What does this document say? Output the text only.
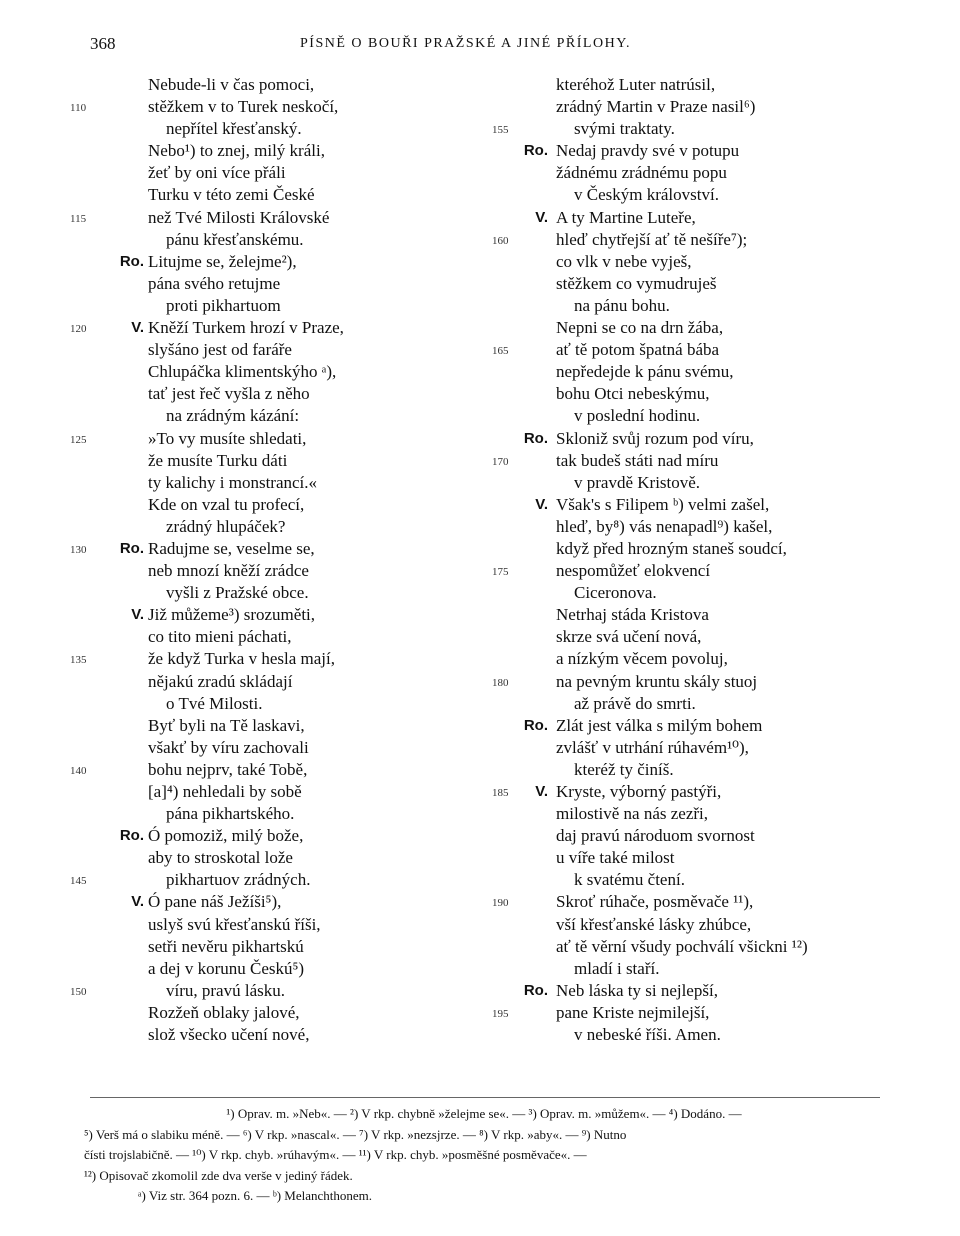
368	PÍSNĚ O BOUŘI PRAŽSKÉ A JINÉ PŘÍLOHY.
Nebude-li v čas pomoci,
110	stěžkem v to Turek neskočí,
nepřítel křesťanský.
Nebo¹) to znej, milý králi,
žeť by oni více přáli
Turku v této zemi České
115	než Tvé Milosti Královské
pánu křesťanskému.
Ro. Litujme se, želejme²),
pána svého retujme
proti pikhartuom
120	V. Kněží Turkem hrozí v Praze,
slyšáno jest od faráře
Chlupáčka klimentskýho ᵃ),
tať jest řeč vyšla z něho
na zrádným kázání:
125	»To vy musíte shledati,
že musíte Turku dáti
ty kalichy i monstrancí.«
Kde on vzal tu profecí,
zrádný hlupáček?
130	Ro. Radujme se, veselme se,
neb mnozí kněží zrádce
vyšli z Pražské obce.
V. Již můžeme³) srozuměti,
co tito mienі páchati,
135	že když Turka v hesla mají,
nějakú zradú skládají
o Tvé Milosti.
Byť byli na Tě laskavi,
všakť by víru zachovali
140	bohu nejprv, také Tobě,
[a]⁴) nehledali by sobě
pána pikhartského.
Ro. Ó pomoziž, milý bože,
aby to stroskotal lože
145	pikhartuov zrádných.
V. Ó pane náš Ježíši⁵),
uslyš svú křesťanskú říši,
setři nevěru pikhartskú
a dej v korunu Českú⁵)
150	víru, pravú lásku.
Rozžeň oblaky jalové,
slož všecko učení nové,
kteréhož Luter natrúsil,
zrádný Martin v Praze nasil⁶)
155	svými traktaty.
Ro. Nedaj pravdy své v potupu
žádnému zrádnému popu
v Českým království.
V. A ty Martine Luteře,
160	hleď chytřejší ať tě nešíře⁷);
co vlk v nebe vyješ,
stěžkem co vymudruješ
na pánu bohu.
Nepni se co na drn žába,
165	ať tě potom špatná bába
nepředejde k pánu svému,
bohu Otci nebeskýmu,
v poslední hodinu.
Ro. Skloniž svůj rozum pod víru,
170	tak budeš státi nad míru
v pravdě Kristově.
V. Však's s Filipem ᵇ) velmi zašel,
hleď, by⁸) vás nenapadl⁹) kašel,
když před hrozným staneš soudcí,
175	nespomůžeť elokvencí
Ciceronova.
Netrhaj stáda Kristova
skrze svá učení nová,
a nízkým věcem povoluj,
180	na pevným kruntu skály stuoj
až právě do smrti.
Ro. Zlát jest válka s milým bohem
zvlášť v utrhání rúhavém¹⁰),
kteréž ty činíš.
185	V. Kryste, výborný pastýři,
milostivě na nás zezři,
daj pravú národuom svornost
u víře také milost
k svatému čtení.
190	Skroť rúhače, posměvače ¹¹),
vší křesťanské lásky zhúbce,
ať tě věrní všudy pochválí všickni ¹²)
mladí i staří.
Ro. Neb láska ty si nejlepší,
195	pane Kriste nejmilejší,
v nebeské říši. Amen.
¹) Oprav. m. »Neb«. — ²) V rkp. chybně »želejme se«. — ³) Oprav. m. »můžem«. — ⁴) Dodáno. —
⁵) Verš má o slabiku méně. — ⁶) V rkp. »nascal«. — ⁷) V rkp. »nezsjrze. — ⁸) V rkp. »aby«. — ⁹) Nutno
čísti trojslabičně. — ¹⁰) V rkp. chyb. »rúhavým«. — ¹¹) V rkp. chyb. »posměšné posměvače«. —
¹²) Opisovač zkomolil zde dva verše v jediný řádek.
ᵃ) Viz str. 364 pozn. 6. — ᵇ) Melanchthonem.
